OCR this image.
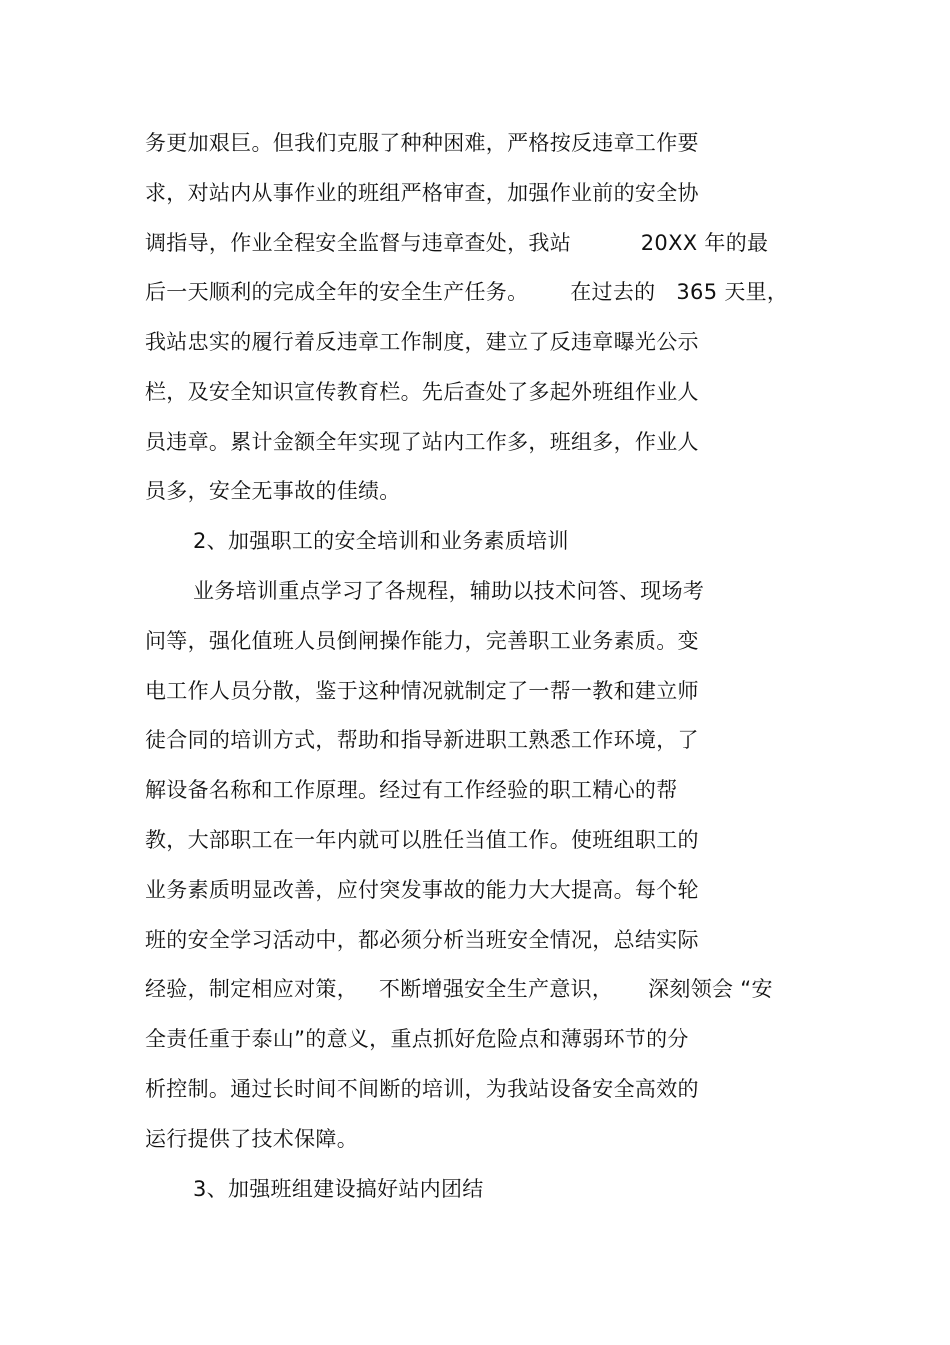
务更加艰巨。但我们克服了种种困难，严格按反违章工作要
求，对站内从事作业的班组严格审查，加强作业前的安全协
调指导，作业全程安全监督与违章查处，我站          20XX 年的最
后一天顺利的完成全年的安全生产任务。      在过去的   365 天里，
我站忠实的履行着反违章工作制度，建立了反违章曝光公示
栏，及安全知识宣传教育栏。先后查处了多起外班组作业人
员违章。累计金额全年实现了站内工作多，班组多，作业人
员多，安全无事故的佳绩。
2、加强职工的安全培训和业务素质培训
业务培训重点学习了各规程，辅助以技术问答、现场考
问等，强化值班人员倒闸操作能力，完善职工业务素质。变
电工作人员分散，鉴于这种情况就制定了一帮一教和建立师
徒合同的培训方式，帮助和指导新进职工熟悉工作环境，了
解设备名称和工作原理。经过有工作经验的职工精心的帮
教，大部职工在一年内就可以胜任当值工作。使班组职工的
业务素质明显改善，应付突发事故的能力大大提高。每个轮
班的安全学习活动中，都必须分析当班安全情况，总结实际
经验，制定相应对策，   不断增强安全生产意识，     深刻领会 “安
全责任重于泰山”的意义，重点抓好危险点和薄弱环节的分
析控制。通过长时间不间断的培训，为我站设备安全高效的
运行提供了技术保障。
3、加强班组建设搞好站内团结
